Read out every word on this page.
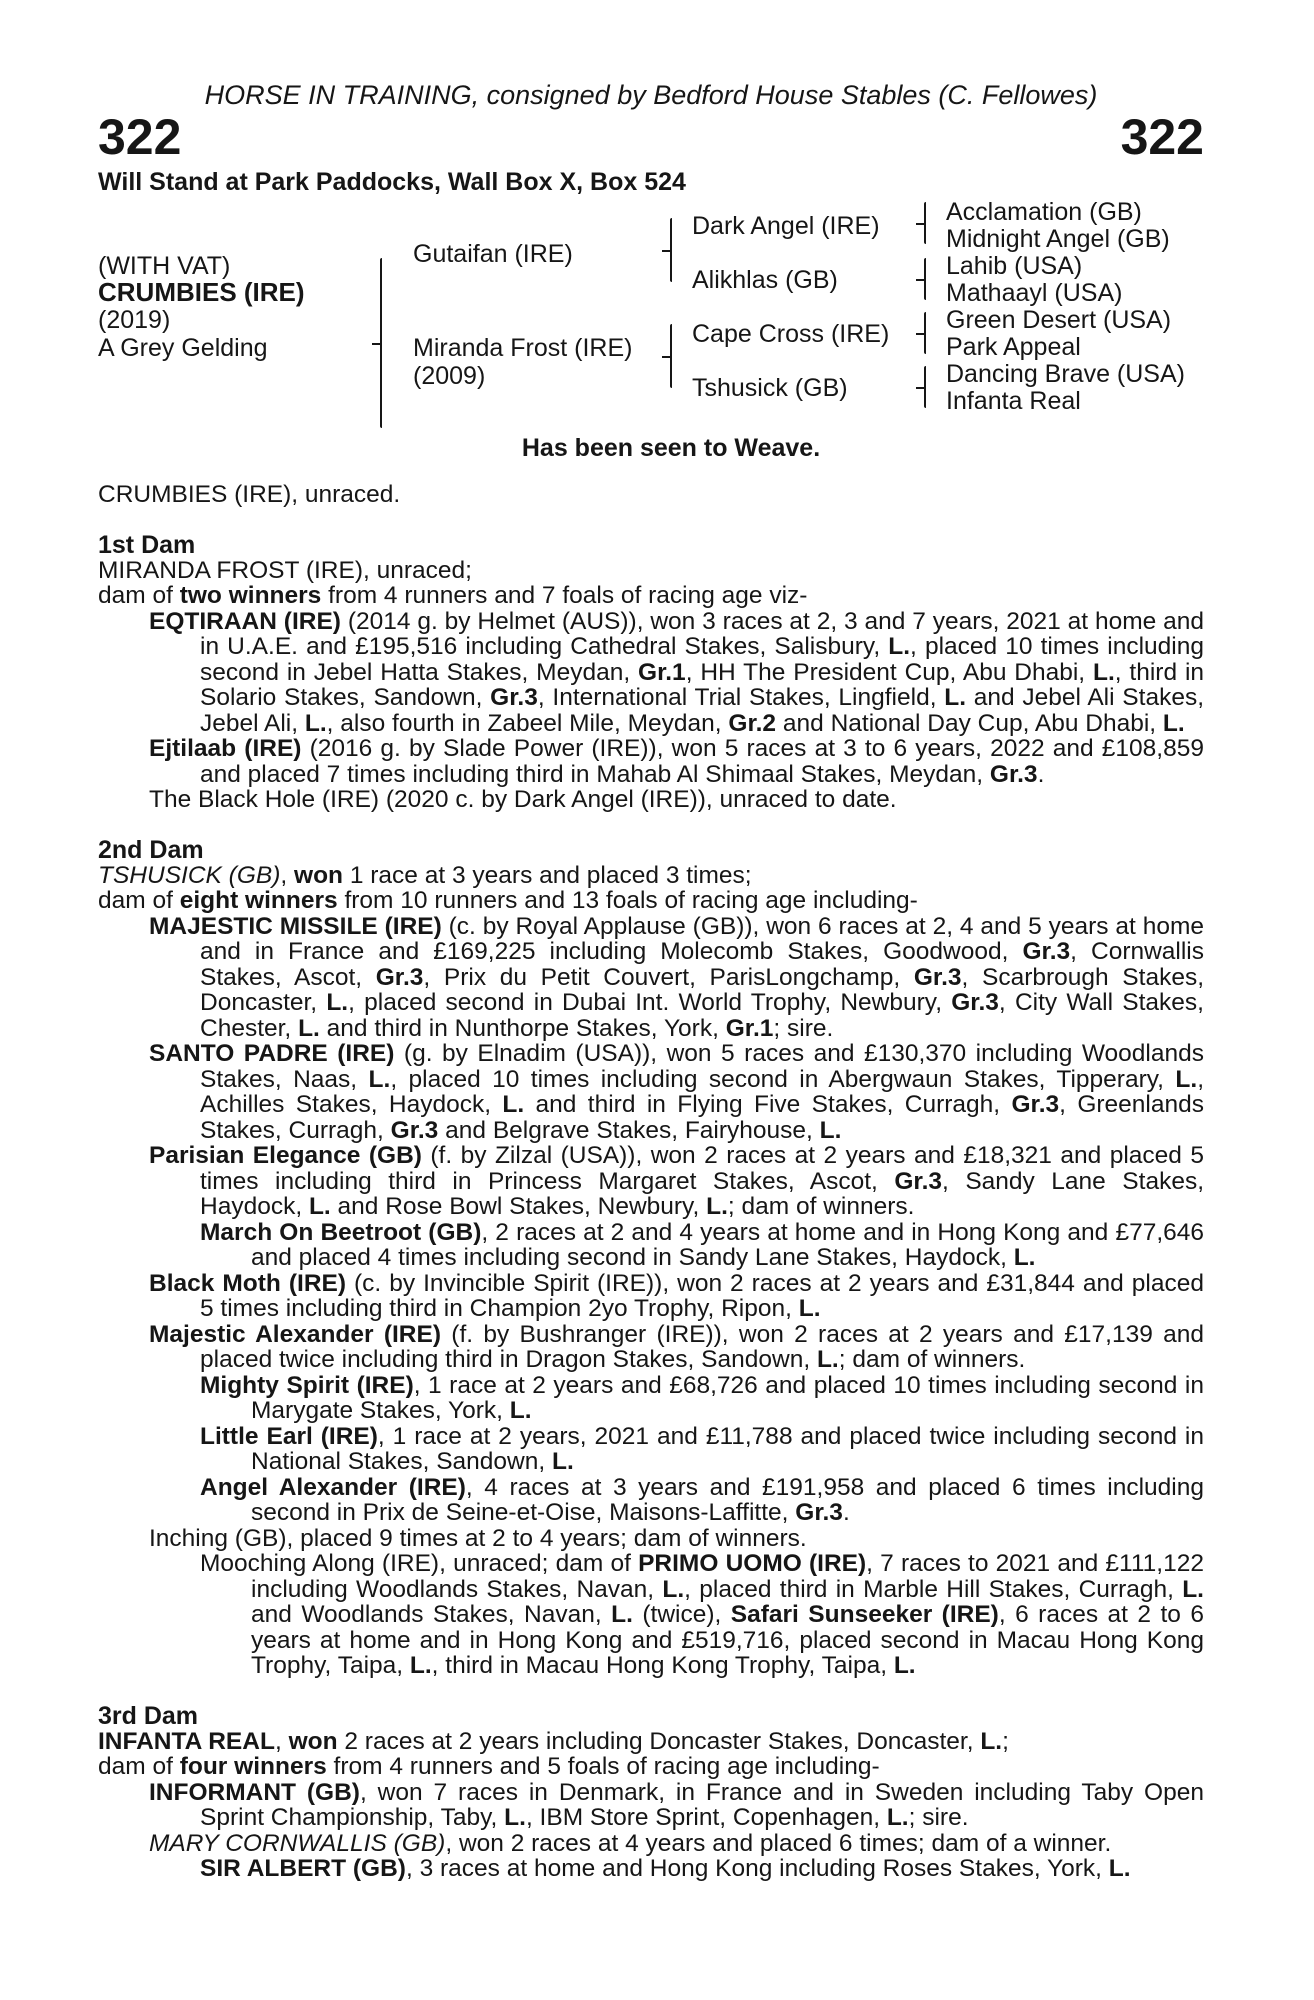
HORSE IN TRAINING, consigned by Bedford House Stables (C. Fellowes)
322	322
Will Stand at Park Paddocks, Wall Box X, Box 524
(WITH VAT)
CRUMBIES (IRE)
(2019)
A Grey Gelding
Gutaifan (IRE)
Miranda Frost (IRE)
(2009)
Dark Angel (IRE)
Alikhlas (GB)
Cape Cross (IRE)
Tshusick (GB)
Acclamation (GB)
Midnight Angel (GB)
Lahib (USA)
Mathaayl (USA)
Green Desert (USA)
Park Appeal
Dancing Brave (USA)
Infanta Real
Has been seen to Weave.

CRUMBIES (IRE), unraced.

1st Dam

MIRANDA FROST (IRE), unraced;

dam of two winners from 4 runners and 7 foals of racing age viz-

EQTIRAAN (IRE) (2014 g. by Helmet (AUS)), won 3 races at 2, 3 and 7 years, 2021 at home and in U.A.E. and £195,516 including Cathedral Stakes, Salisbury, L., placed 10 times including second in Jebel Hatta Stakes, Meydan, Gr.1, HH The President Cup, Abu Dhabi, L., third in Solario Stakes, Sandown, Gr.3, International Trial Stakes, Lingfield, L. and Jebel Ali Stakes, Jebel Ali, L., also fourth in Zabeel Mile, Meydan, Gr.2 and National Day Cup, Abu Dhabi, L.

Ejtilaab (IRE) (2016 g. by Slade Power (IRE)), won 5 races at 3 to 6 years, 2022 and £108,859 and placed 7 times including third in Mahab Al Shimaal Stakes, Meydan, Gr.3.

The Black Hole (IRE) (2020 c. by Dark Angel (IRE)), unraced to date.

2nd Dam

TSHUSICK (GB), won 1 race at 3 years and placed 3 times;

dam of eight winners from 10 runners and 13 foals of racing age including-

MAJESTIC MISSILE (IRE) (c. by Royal Applause (GB)), won 6 races at 2, 4 and 5 years at home and in France and £169,225 including Molecomb Stakes, Goodwood, Gr.3, Cornwallis Stakes, Ascot, Gr.3, Prix du Petit Couvert, ParisLongchamp, Gr.3, Scarbrough Stakes, Doncaster, L., placed second in Dubai Int. World Trophy, Newbury, Gr.3, City Wall Stakes, Chester, L. and third in Nunthorpe Stakes, York, Gr.1; sire.

SANTO PADRE (IRE) (g. by Elnadim (USA)), won 5 races and £130,370 including Woodlands Stakes, Naas, L., placed 10 times including second in Abergwaun Stakes, Tipperary, L., Achilles Stakes, Haydock, L. and third in Flying Five Stakes, Curragh, Gr.3, Greenlands Stakes, Curragh, Gr.3 and Belgrave Stakes, Fairyhouse, L.

Parisian Elegance (GB) (f. by Zilzal (USA)), won 2 races at 2 years and £18,321 and placed 5 times including third in Princess Margaret Stakes, Ascot, Gr.3, Sandy Lane Stakes, Haydock, L. and Rose Bowl Stakes, Newbury, L.; dam of winners.

March On Beetroot (GB), 2 races at 2 and 4 years at home and in Hong Kong and £77,646 and placed 4 times including second in Sandy Lane Stakes, Haydock, L.

Black Moth (IRE) (c. by Invincible Spirit (IRE)), won 2 races at 2 years and £31,844 and placed 5 times including third in Champion 2yo Trophy, Ripon, L.

Majestic Alexander (IRE) (f. by Bushranger (IRE)), won 2 races at 2 years and £17,139 and placed twice including third in Dragon Stakes, Sandown, L.; dam of winners.

Mighty Spirit (IRE), 1 race at 2 years and £68,726 and placed 10 times including second in Marygate Stakes, York, L.

Little Earl (IRE), 1 race at 2 years, 2021 and £11,788 and placed twice including second in National Stakes, Sandown, L.

Angel Alexander (IRE), 4 races at 3 years and £191,958 and placed 6 times including second in Prix de Seine-et-Oise, Maisons-Laffitte, Gr.3.

Inching (GB), placed 9 times at 2 to 4 years; dam of winners.

Mooching Along (IRE), unraced; dam of PRIMO UOMO (IRE), 7 races to 2021 and £111,122 including Woodlands Stakes, Navan, L., placed third in Marble Hill Stakes, Curragh, L. and Woodlands Stakes, Navan, L. (twice), Safari Sunseeker (IRE), 6 races at 2 to 6 years at home and in Hong Kong and £519,716, placed second in Macau Hong Kong Trophy, Taipa, L., third in Macau Hong Kong Trophy, Taipa, L.

3rd Dam

INFANTA REAL, won 2 races at 2 years including Doncaster Stakes, Doncaster, L.;

dam of four winners from 4 runners and 5 foals of racing age including-

INFORMANT (GB), won 7 races in Denmark, in France and in Sweden including Taby Open Sprint Championship, Taby, L., IBM Store Sprint, Copenhagen, L.; sire.

MARY CORNWALLIS (GB), won 2 races at 4 years and placed 6 times; dam of a winner.

SIR ALBERT (GB), 3 races at home and Hong Kong including Roses Stakes, York, L.
